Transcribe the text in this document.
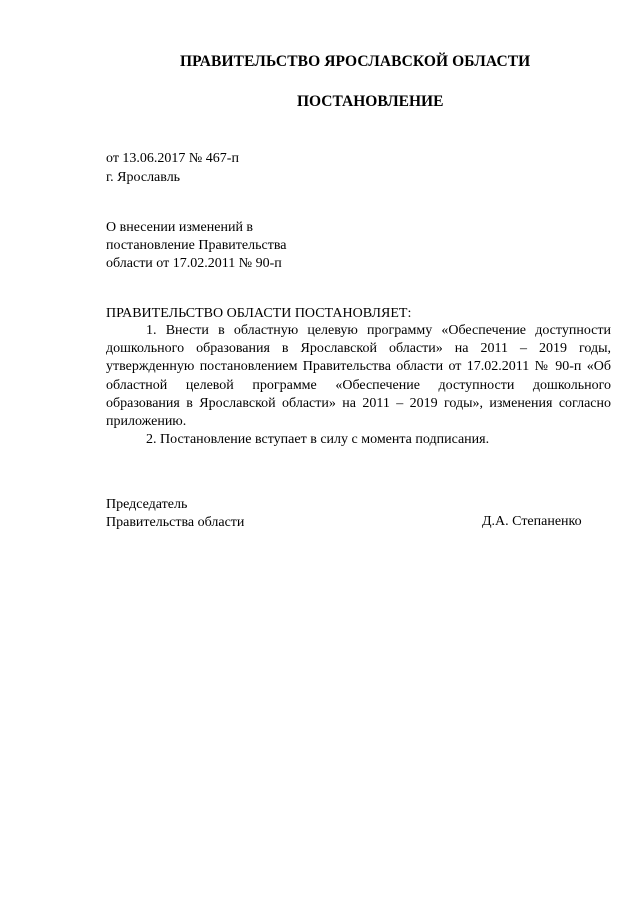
ПРАВИТЕЛЬСТВО ЯРОСЛАВСКОЙ ОБЛАСТИ
ПОСТАНОВЛЕНИЕ
от 13.06.2017 № 467-п
г. Ярославль
О внесении изменений в
постановление Правительства
области от 17.02.2011 № 90-п
ПРАВИТЕЛЬСТВО ОБЛАСТИ ПОСТАНОВЛЯЕТ:

1. Внести в областную целевую программу «Обеспечение доступности дошкольного образования в Ярославской области» на 2011 – 2019 годы, утвержденную постановлением Правительства области от 17.02.2011 № 90-п «Об областной целевой программе «Обеспечение доступности дошкольного образования в Ярославской области» на 2011 – 2019 годы», изменения согласно приложению.

2. Постановление вступает в силу с момента подписания.

Председатель
Правительства области	Д.А. Степаненко
